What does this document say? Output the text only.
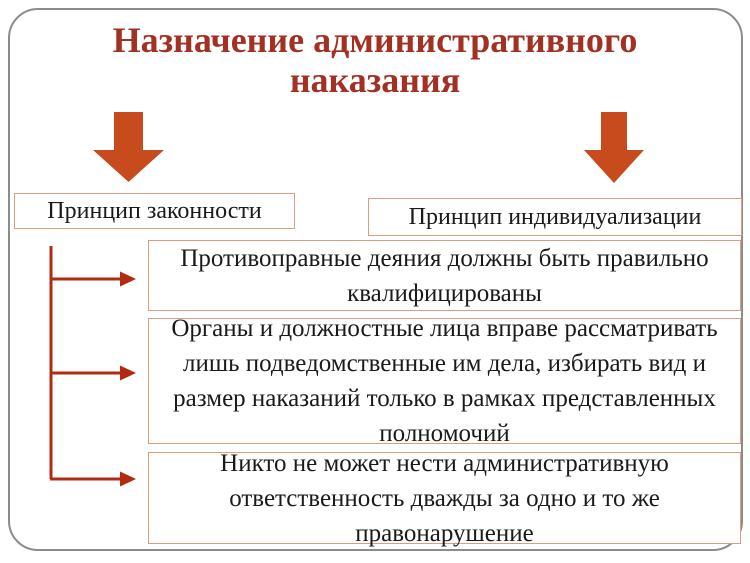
Назначение административного наказания
Принцип законности	Принцип индивидуализации
Противоправные деяния должны быть правильно квалифицированы
Органы и должностные лица вправе рассматривать лишь подведомственные им дела, избирать вид и размер наказаний только в рамках представленных полномочий
Никто не может нести административную ответственность дважды за одно и то же правонарушение
